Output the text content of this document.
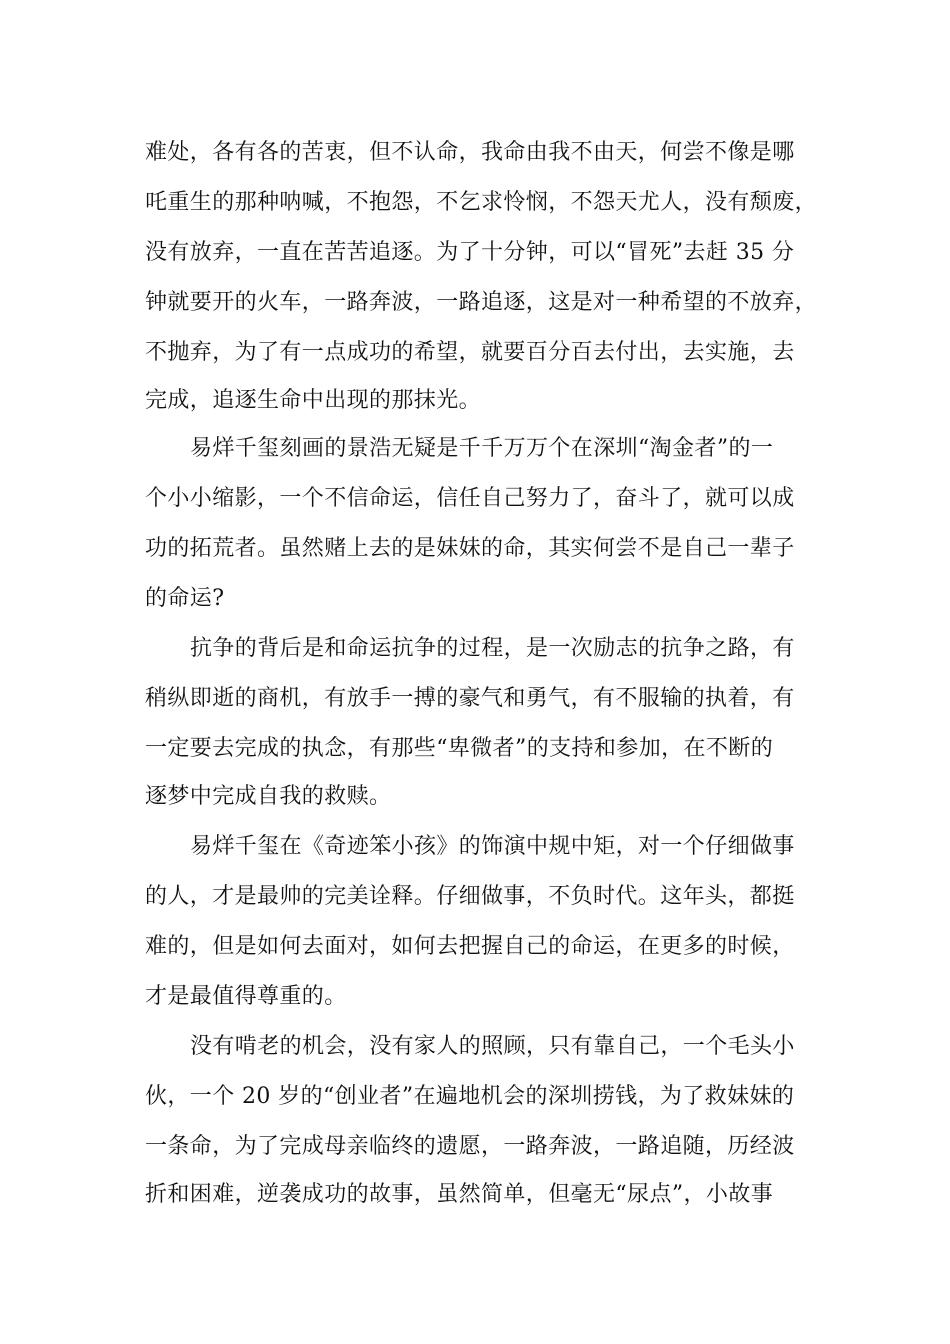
难处，各有各的苦衷，但不认命，我命由我不由天，何尝不像是哪
吒重生的那种呐喊，不抱怨，不乞求怜悯，不怨天尤人，没有颓废，
没有放弃，一直在苦苦追逐。为了十分钟，可以“冒死”去赶 35 分
钟就要开的火车，一路奔波，一路追逐，这是对一种希望的不放弃，
不抛弃，为了有一点成功的希望，就要百分百去付出，去实施，去
完成，追逐生命中出现的那抹光。
易烊千玺刻画的景浩无疑是千千万万个在深圳“淘金者”的一
个小小缩影，一个不信命运，信任自己努力了，奋斗了，就可以成
功的拓荒者。虽然赌上去的是妹妹的命，其实何尝不是自己一辈子
的命运?
抗争的背后是和命运抗争的过程，是一次励志的抗争之路，有
稍纵即逝的商机，有放手一搏的豪气和勇气，有不服输的执着，有
一定要去完成的执念，有那些“卑微者”的支持和参加，在不断的
逐梦中完成自我的救赎。
易烊千玺在《奇迹笨小孩》的饰演中规中矩，对一个仔细做事
的人，才是最帅的完美诠释。仔细做事，不负时代。这年头，都挺
难的，但是如何去面对，如何去把握自己的命运，在更多的时候，
才是最值得尊重的。
没有啃老的机会，没有家人的照顾，只有靠自己，一个毛头小
伙，一个 20 岁的“创业者”在遍地机会的深圳捞钱，为了救妹妹的
一条命，为了完成母亲临终的遗愿，一路奔波，一路追随，历经波
折和困难，逆袭成功的故事，虽然简单，但毫无“尿点”，小故事
